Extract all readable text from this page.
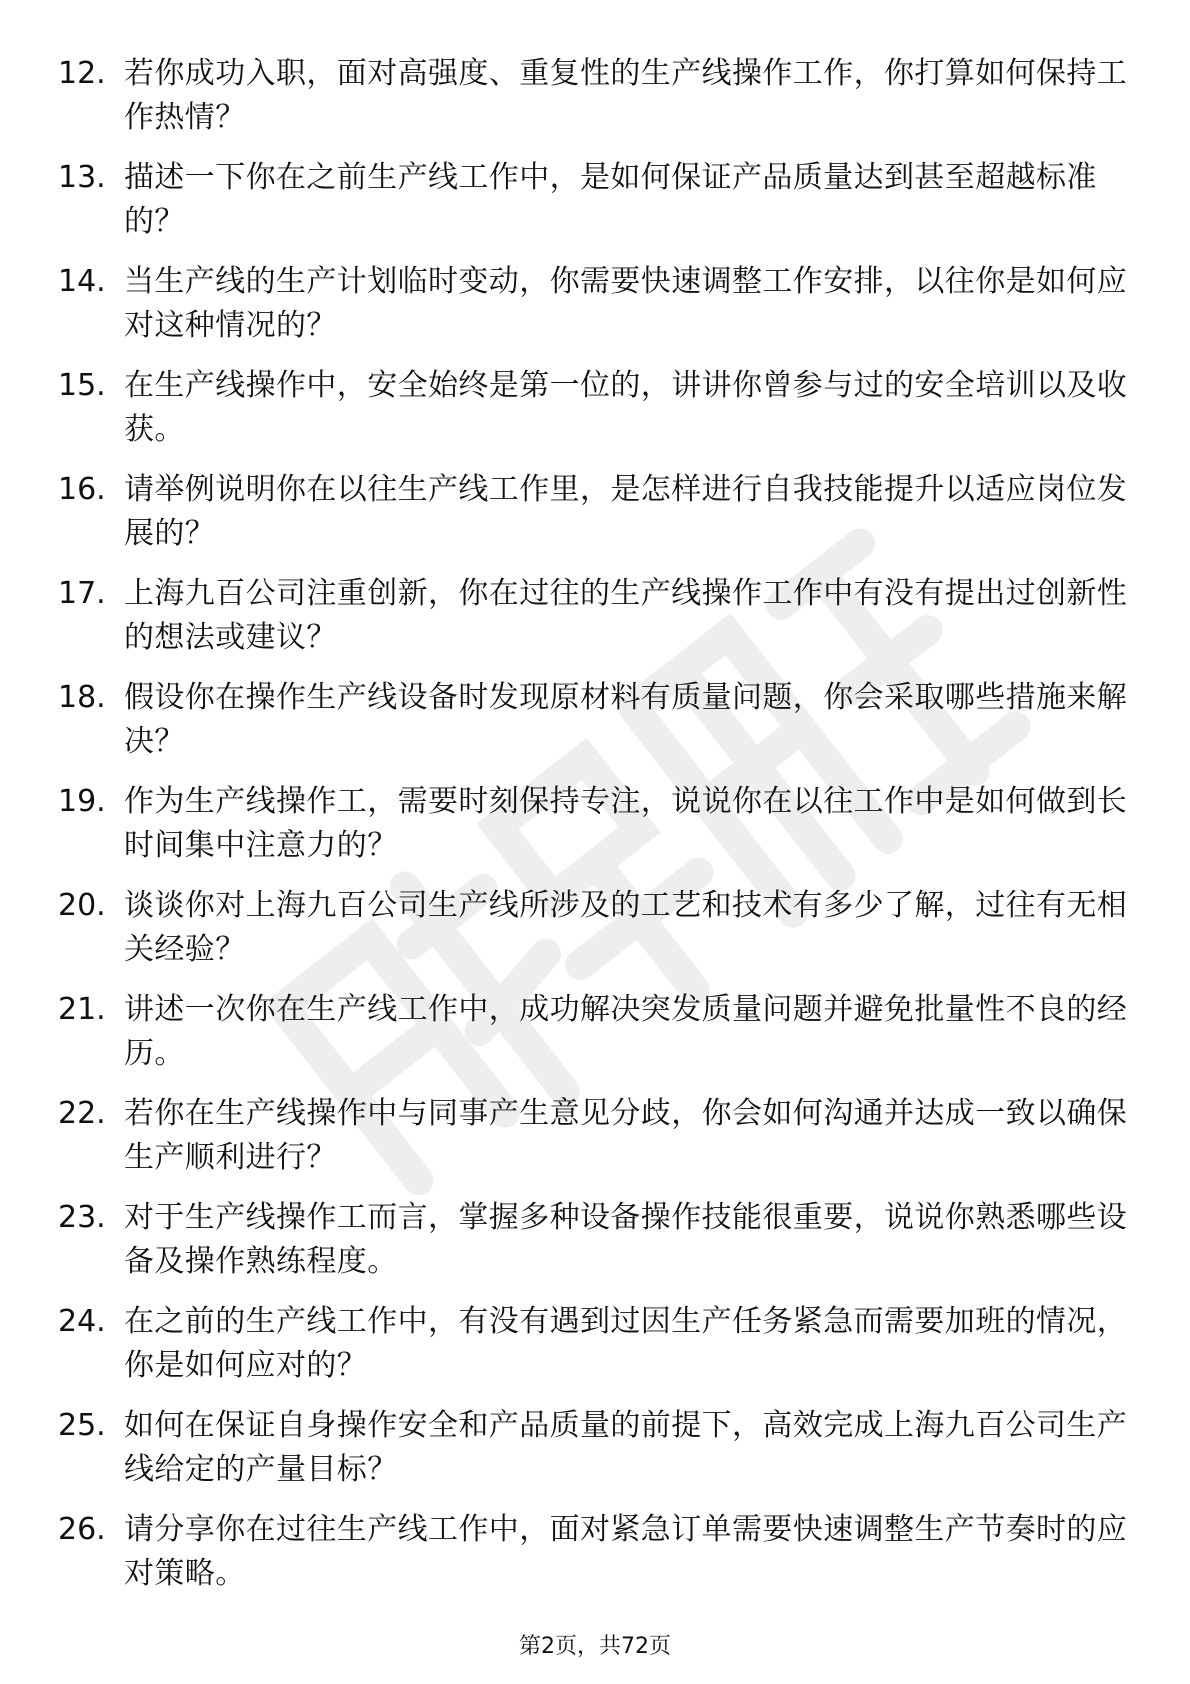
12. 若你成功入职，面对高强度、重复性的生产线操作工作，你打算如何保持工作热情？
13. 描述一下你在之前生产线工作中，是如何保证产品质量达到甚至超越标准的？
14. 当生产线的生产计划临时变动，你需要快速调整工作安排，以往你是如何应对这种情况的？
15. 在生产线操作中，安全始终是第一位的，讲讲你曾参与过的安全培训以及收获。
16. 请举例说明你在以往生产线工作里，是怎样进行自我技能提升以适应岗位发展的？
17. 上海九百公司注重创新，你在过往的生产线操作工作中有没有提出过创新性的想法或建议？
18. 假设你在操作生产线设备时发现原材料有质量问题，你会采取哪些措施来解决？
19. 作为生产线操作工，需要时刻保持专注，说说你在以往工作中是如何做到长时间集中注意力的？
20. 谈谈你对上海九百公司生产线所涉及的工艺和技术有多少了解，过往有无相关经验？
21. 讲述一次你在生产线工作中，成功解决突发质量问题并避免批量性不良的经历。
22. 若你在生产线操作中与同事产生意见分歧，你会如何沟通并达成一致以确保生产顺利进行？
23. 对于生产线操作工而言，掌握多种设备操作技能很重要，说说你熟悉哪些设备及操作熟练程度。
24. 在之前的生产线工作中，有没有遇到过因生产任务紧急而需要加班的情况，你是如何应对的？
25. 如何在保证自身操作安全和产品质量的前提下，高效完成上海九百公司生产线给定的产量目标？
26. 请分享你在过往生产线工作中，面对紧急订单需要快速调整生产节奏时的应对策略。
第2页，共72页
